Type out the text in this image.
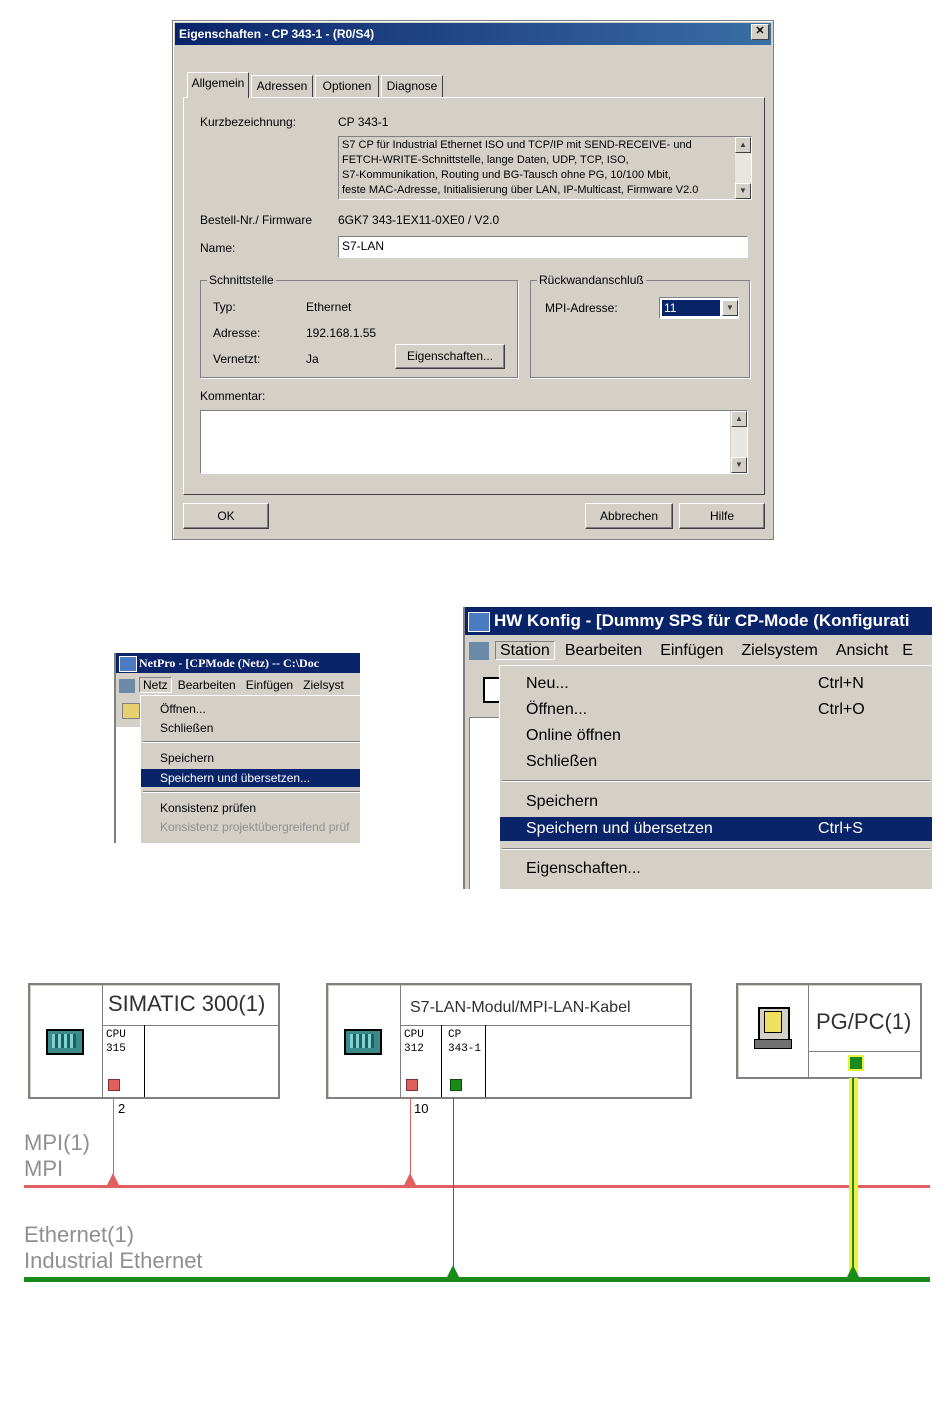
Eigenschaften - CP 343-1 - (R0/S4)	✕
Allgemein	Adressen	Optionen	Diagnose
Kurzbezeichnung:	CP 343-1
S7 CP für Industrial Ethernet ISO und TCP/IP mit SEND-RECEIVE- und
FETCH-WRITE-Schnittstelle, lange Daten, UDP, TCP, ISO,
S7-Kommunikation, Routing und BG-Tausch ohne PG, 10/100 Mbit,
feste MAC-Adresse, Initialisierung über LAN, IP-Multicast, Firmware V2.0
▲
▼
Bestell-Nr./ Firmware 6GK7 343-1EX11-0XE0 / V2.0
Name:	S7-LAN
Schnittstelle
Typ:	Ethernet
Adresse:	192.168.1.55
Vernetzt:	Ja	Eigenschaften...
Rückwandanschluß
MPI-Adresse:	11	▼
Kommentar:
▲
▼
OK	Abbrechen	Hilfe
NetPro - [CPMode (Netz) -- C:\Doc
Netz Bearbeiten Einfügen Zielsyst
Öffnen...
Schließen
Speichern
Speichern und übersetzen...
Konsistenz prüfen
Konsistenz projektübergreifend prüf
HW Konfig - [Dummy SPS für CP-Mode (Konfigurati
Station Bearbeiten Einfügen Zielsystem Ansicht E
Neu...	Ctrl+N
Öffnen...	Ctrl+O
Online öffnen
Schließen
Speichern
Speichern und übersetzen	Ctrl+S
Eigenschaften...
MPI(1)
MPI
Ethernet(1)
Industrial Ethernet
SIMATIC 300(1)
CPU
315
2
S7-LAN-Modul/MPI-LAN-Kabel
CPU
312
CP
343-1
10
PG/PC(1)
